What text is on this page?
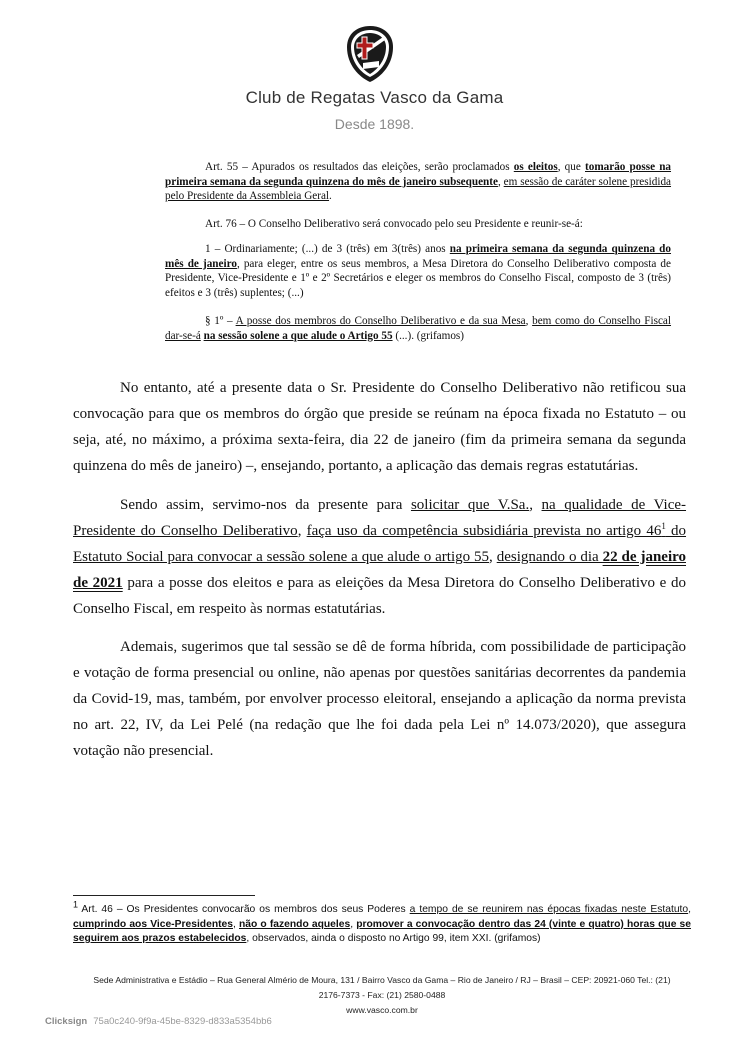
Club de Regatas Vasco da Gama
Desde 1898.
Art. 55 – Apurados os resultados das eleições, serão proclamados os eleitos, que tomarão posse na primeira semana da segunda quinzena do mês de janeiro subsequente, em sessão de caráter solene presidida pelo Presidente da Assembleia Geral.
Art. 76 – O Conselho Deliberativo será convocado pelo seu Presidente e reunir-se-á:
1 – Ordinariamente; (...) de 3 (três) em 3(três) anos na primeira semana da segunda quinzena do mês de janeiro, para eleger, entre os seus membros, a Mesa Diretora do Conselho Deliberativo composta de Presidente, Vice-Presidente e 1º e 2º Secretários e eleger os membros do Conselho Fiscal, composto de 3 (três) efeitos e 3 (três) suplentes; (...)
§ 1º – A posse dos membros do Conselho Deliberativo e da sua Mesa, bem como do Conselho Fiscal dar-se-á na sessão solene a que alude o Artigo 55 (...). (grifamos)
No entanto, até a presente data o Sr. Presidente do Conselho Deliberativo não retificou sua convocação para que os membros do órgão que preside se reúnam na época fixada no Estatuto – ou seja, até, no máximo, a próxima sexta-feira, dia 22 de janeiro (fim da primeira semana da segunda quinzena do mês de janeiro) –, ensejando, portanto, a aplicação das demais regras estatutárias.
Sendo assim, servimo-nos da presente para solicitar que V.Sa., na qualidade de Vice-Presidente do Conselho Deliberativo, faça uso da competência subsidiária prevista no artigo $46^1$ do Estatuto Social para convocar a sessão solene a que alude o artigo 55, designando o dia 22 de janeiro de 2021 para a posse dos eleitos e para as eleições da Mesa Diretora do Conselho Deliberativo e do Conselho Fiscal, em respeito às normas estatutárias.
Ademais, sugerimos que tal sessão se dê de forma híbrida, com possibilidade de participação e votação de forma presencial ou online, não apenas por questões sanitárias decorrentes da pandemia da Covid-19, mas, também, por envolver processo eleitoral, ensejando a aplicação da norma prevista no art. 22, IV, da Lei Pelé (na redação que lhe foi dada pela Lei nº 14.073/2020), que assegura votação não presencial.
$^1$ Art. 46 – Os Presidentes convocarão os membros dos seus Poderes a tempo de se reunirem nas épocas fixadas neste Estatuto, cumprindo aos Vice-Presidentes, não o fazendo aqueles, promover a convocação dentro das 24 (vinte e quatro) horas que se seguirem aos prazos estabelecidos, observados, ainda o disposto no Artigo 99, item XXI. (grifamos)
Sede Administrativa e Estádio – Rua General Almério de Moura, 131 / Bairro Vasco da Gama – Rio de Janeiro / RJ – Brasil – CEP: 20921-060 Tel.: (21)
2176-7373 - Fax: (21) 2580-0488
www.vasco.com.br
Clicksign 75a0c240-9f9a-45be-8329-d833a5354bb6
